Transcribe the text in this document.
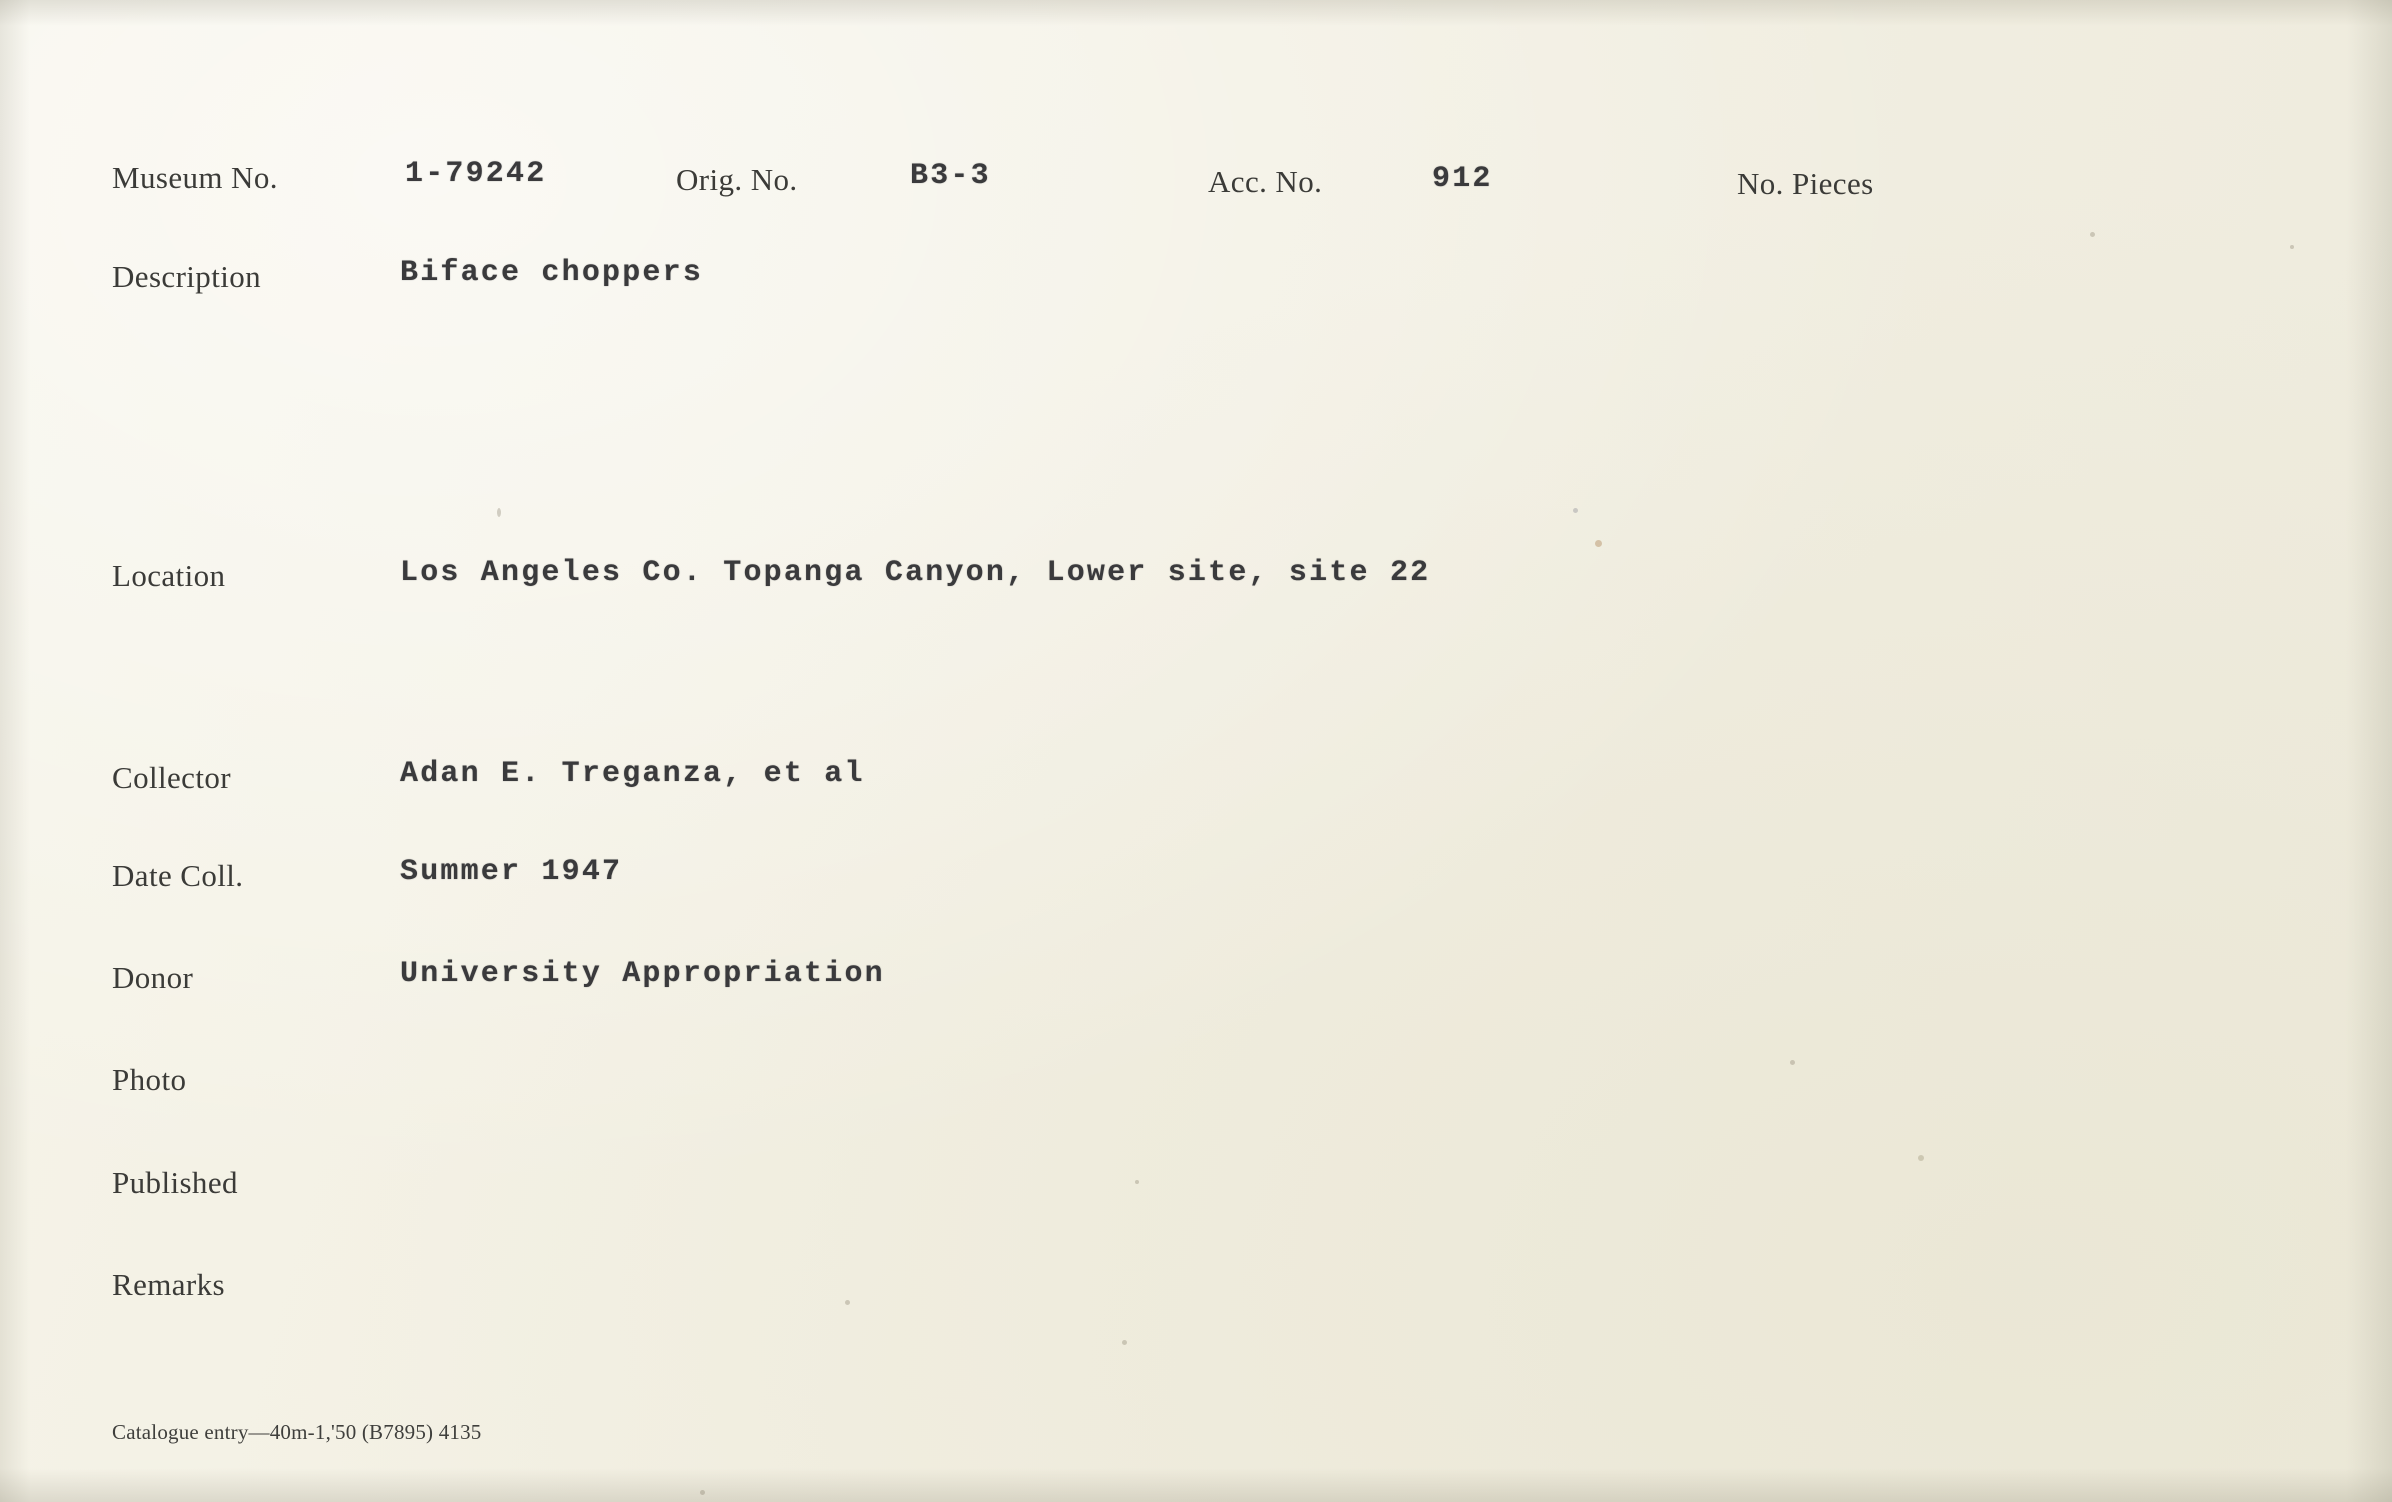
Museum No.	1-79242	Orig. No.	B3-3	Acc. No.	912	No. Pieces
Description	Biface choppers
Location	Los Angeles Co. Topanga Canyon, Lower site, site 22
Collector	Adan E. Treganza, et al
Date Coll.	Summer 1947
Donor	University Appropriation
Photo
Published
Remarks
Catalogue entry—40m-1,'50 (B7895) 4135
